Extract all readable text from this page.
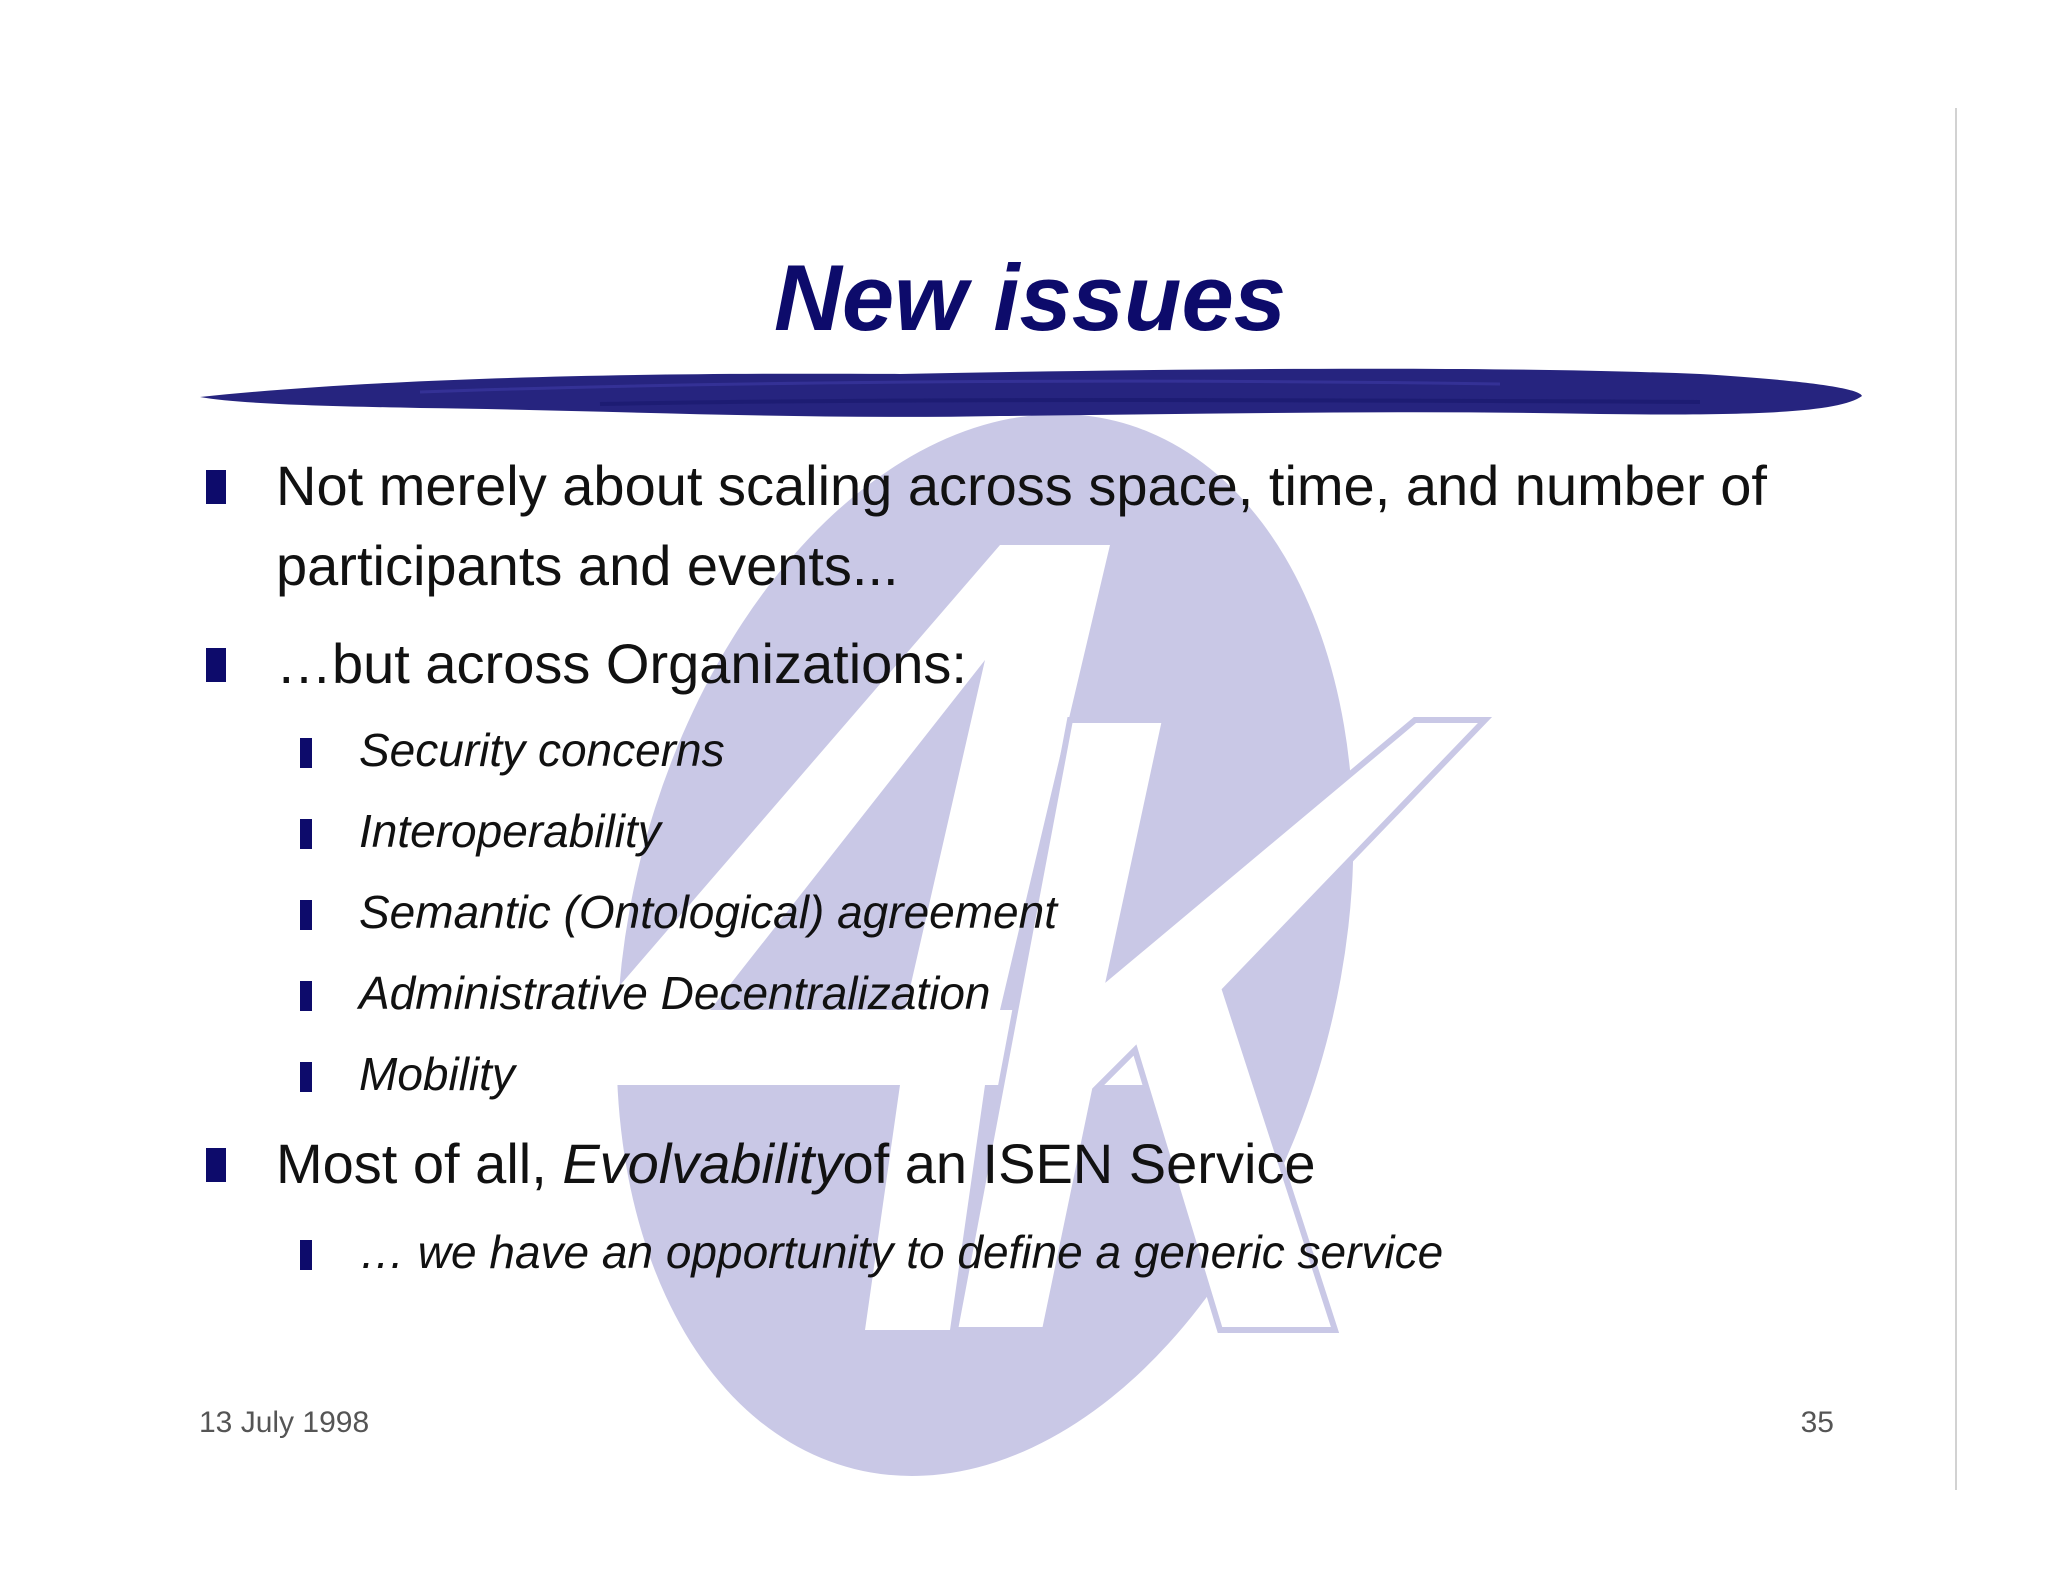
New issues
Not merely about scaling across space, time, and number of participants and events...
…but across Organizations:
Security concerns
Interoperability
Semantic (Ontological) agreement
Administrative Decentralization
Mobility
Most of all, Evolvabilityof an ISEN Service
… we have an opportunity to define a generic service
13 July 1998	35
